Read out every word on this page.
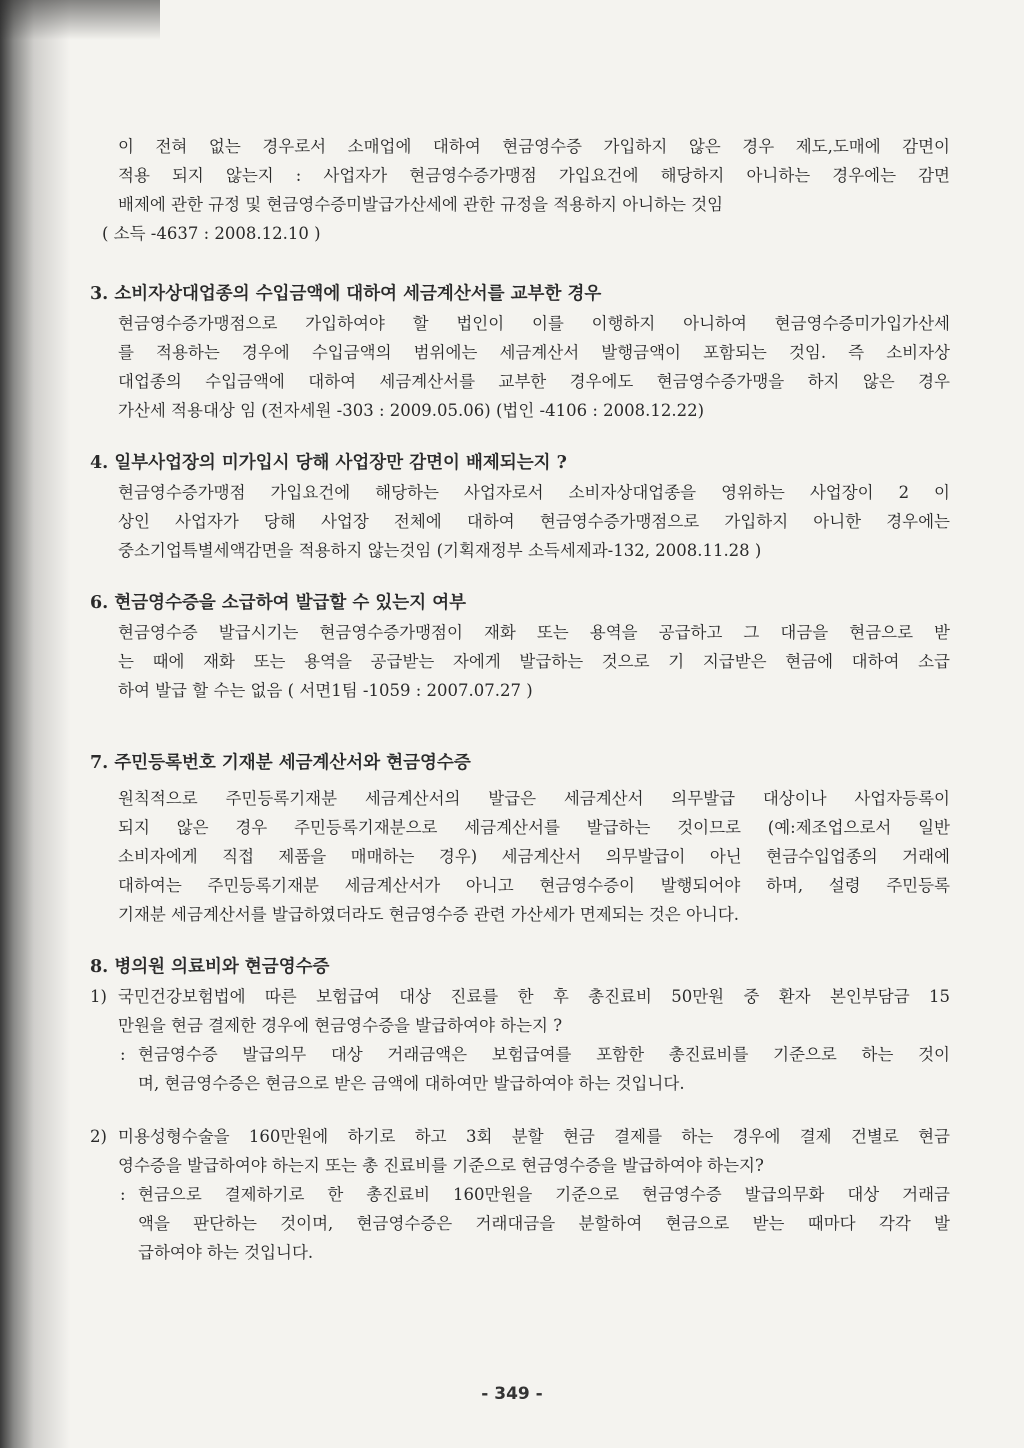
이 전혀 없는 경우로서 소매업에 대하여 현금영수증 가입하지 않은 경우 제도,도매에 감면이
적용 되지 않는지 : 사업자가 현금영수증가맹점 가입요건에 해당하지 아니하는 경우에는 감면
배제에 관한 규정 및 현금영수증미발급가산세에 관한 규정을 적용하지 아니하는 것임

( 소득 -4637 : 2008.12.10 )

3. 소비자상대업종의 수입금액에 대하여 세금계산서를 교부한 경우

현금영수증가맹점으로 가입하여야 할 법인이 이를 이행하지 아니하여 현금영수증미가입가산세
를 적용하는 경우에 수입금액의 범위에는 세금계산서 발행금액이 포함되는 것임. 즉 소비자상
대업종의 수입금액에 대하여 세금계산서를 교부한 경우에도 현금영수증가맹을 하지 않은 경우
가산세 적용대상 임 (전자세원 -303 : 2009.05.06) (법인 -4106 : 2008.12.22)

4. 일부사업장의 미가입시 당해 사업장만 감면이 배제되는지 ?

현금영수증가맹점 가입요건에 해당하는 사업자로서 소비자상대업종을 영위하는 사업장이 2 이
상인 사업자가 당해 사업장 전체에 대하여 현금영수증가맹점으로 가입하지 아니한 경우에는
중소기업특별세액감면을 적용하지 않는것임 (기획재정부 소득세제과-132, 2008.11.28 )

6. 현금영수증을 소급하여 발급할 수 있는지 여부

현금영수증 발급시기는 현금영수증가맹점이 재화 또는 용역을 공급하고 그 대금을 현금으로 받
는 때에 재화 또는 용역을 공급받는 자에게 발급하는 것으로 기 지급받은 현금에 대하여 소급
하여 발급 할 수는 없음 ( 서면1팀 -1059 : 2007.07.27 )

7. 주민등록번호 기재분 세금계산서와 현금영수증

원칙적으로 주민등록기재분 세금계산서의 발급은 세금계산서 의무발급 대상이나 사업자등록이
되지 않은 경우 주민등록기재분으로 세금계산서를 발급하는 것이므로 (예:제조업으로서 일반
소비자에게 직접 제품을 매매하는 경우) 세금계산서 의무발급이 아닌 현금수입업종의 거래에
대하여는 주민등록기재분 세금계산서가 아니고 현금영수증이 발행되어야 하며, 설령 주민등록
기재분 세금계산서를 발급하였더라도 현금영수증 관련 가산세가 면제되는 것은 아니다.

8. 병의원 의료비와 현금영수증

1) 국민건강보험법에 따른 보험급여 대상 진료를 한 후 총진료비 50만원 중 환자 본인부담금 15
만원을 현금 결제한 경우에 현금영수증을 발급하여야 하는지 ?

: 현금영수증 발급의무 대상 거래금액은 보험급여를 포함한 총진료비를 기준으로 하는 것이
며, 현금영수증은 현금으로 받은 금액에 대하여만 발급하여야 하는 것입니다.

2) 미용성형수술을 160만원에 하기로 하고 3회 분할 현금 결제를 하는 경우에 결제 건별로 현금
영수증을 발급하여야 하는지 또는 총 진료비를 기준으로 현금영수증을 발급하여야 하는지?

: 현금으로 결제하기로 한 총진료비 160만원을 기준으로 현금영수증 발급의무화 대상 거래금
액을 판단하는 것이며, 현금영수증은 거래대금을 분할하여 현금으로 받는 때마다 각각 발
급하여야 하는 것입니다.

- 349 -
